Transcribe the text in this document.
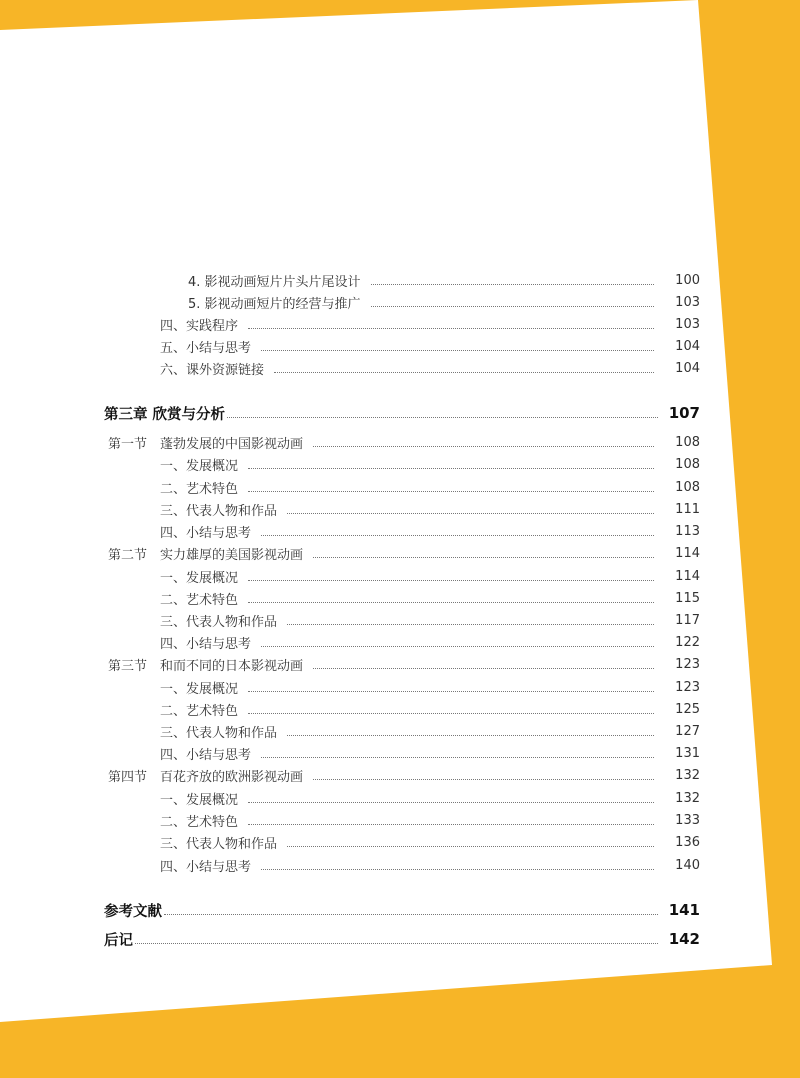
4. 影视动画短片片头片尾设计	100
5. 影视动画短片的经营与推广	103
四、实践程序	103
五、小结与思考	104
六、课外资源链接	104
第三章 欣赏与分析	107
第一节 蓬勃发展的中国影视动画	108
一、发展概况	108
二、艺术特色	108
三、代表人物和作品	111
四、小结与思考	113
第二节 实力雄厚的美国影视动画	114
一、发展概况	114
二、艺术特色	115
三、代表人物和作品	117
四、小结与思考	122
第三节 和而不同的日本影视动画	123
一、发展概况	123
二、艺术特色	125
三、代表人物和作品	127
四、小结与思考	131
第四节 百花齐放的欧洲影视动画	132
一、发展概况	132
二、艺术特色	133
三、代表人物和作品	136
四、小结与思考	140
参考文献	141
后记	142
